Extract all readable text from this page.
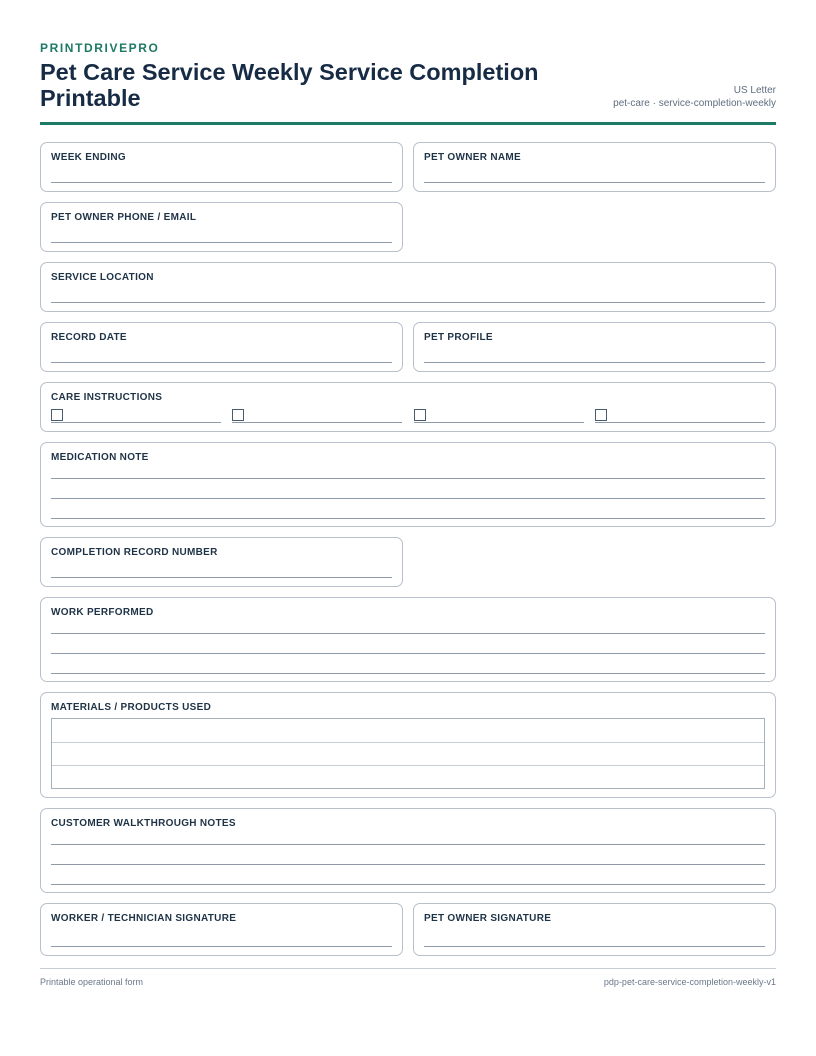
PRINTDRIVEPRO
Pet Care Service Weekly Service Completion Printable	US Letter
pet-care · service-completion-weekly
WEEK ENDING	PET OWNER NAME
PET OWNER PHONE / EMAIL
SERVICE LOCATION
RECORD DATE	PET PROFILE
CARE INSTRUCTIONS
MEDICATION NOTE
COMPLETION RECORD NUMBER
WORK PERFORMED
MATERIALS / PRODUCTS USED
CUSTOMER WALKTHROUGH NOTES
WORKER / TECHNICIAN SIGNATURE	PET OWNER SIGNATURE
Printable operational form	pdp-pet-care-service-completion-weekly-v1
